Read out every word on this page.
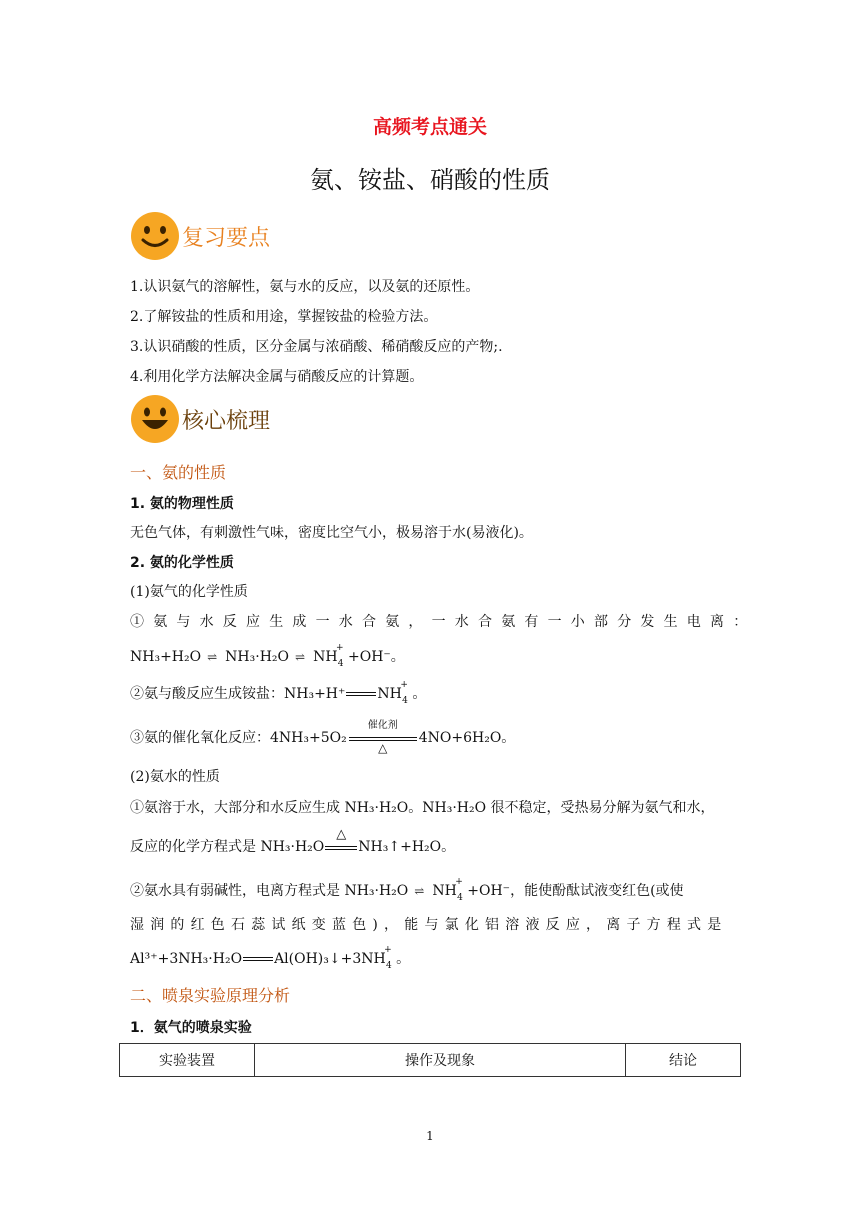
高频考点通关
氨、铵盐、硝酸的性质
复习要点
1.认识氨气的溶解性，氨与水的反应，以及氨的还原性。
2.了解铵盐的性质和用途，掌握铵盐的检验方法。
3.认识硝酸的性质，区分金属与浓硝酸、稀硝酸反应的产物;.
4.利用化学方法解决金属与硝酸反应的计算题。
核心梳理
一、氨的性质
1. 氨的物理性质
无色气体，有刺激性气味，密度比空气小，极易溶于水(易液化)。
2. 氨的化学性质
(1)氨气的化学性质
①氨与水反应生成一水合氨，一水合氨有一小部分发生电离：
NH₃+H₂O ⇌ NH₃·H₂O ⇌ NH
+
4 +OH⁻。
②氨与酸反应生成铵盐：NH₃+H⁺ NH
+
4 。
③氨的催化氧化反应：4NH₃+5O₂
催化剂
△
4NO+6H₂O。
(2)氨水的性质
①氨溶于水，大部分和水反应生成 NH₃·H₂O。NH₃·H₂O 很不稳定，受热易分解为氨气和水，
反应的化学方程式是 NH₃·H₂O
△
NH₃↑+H₂O。
②氨水具有弱碱性，电离方程式是 NH₃·H₂O ⇌ NH
+
4 +OH⁻，能使酚酞试液变红色(或使
湿润的红色石蕊试纸变蓝色)，能与氯化铝溶液反应，离子方程式是
Al³⁺+3NH₃·H₂O Al(OH)₃↓+3NH
+
4 。
二、喷泉实验原理分析
1．氨气的喷泉实验
实验装置	操作及现象	结论
1
